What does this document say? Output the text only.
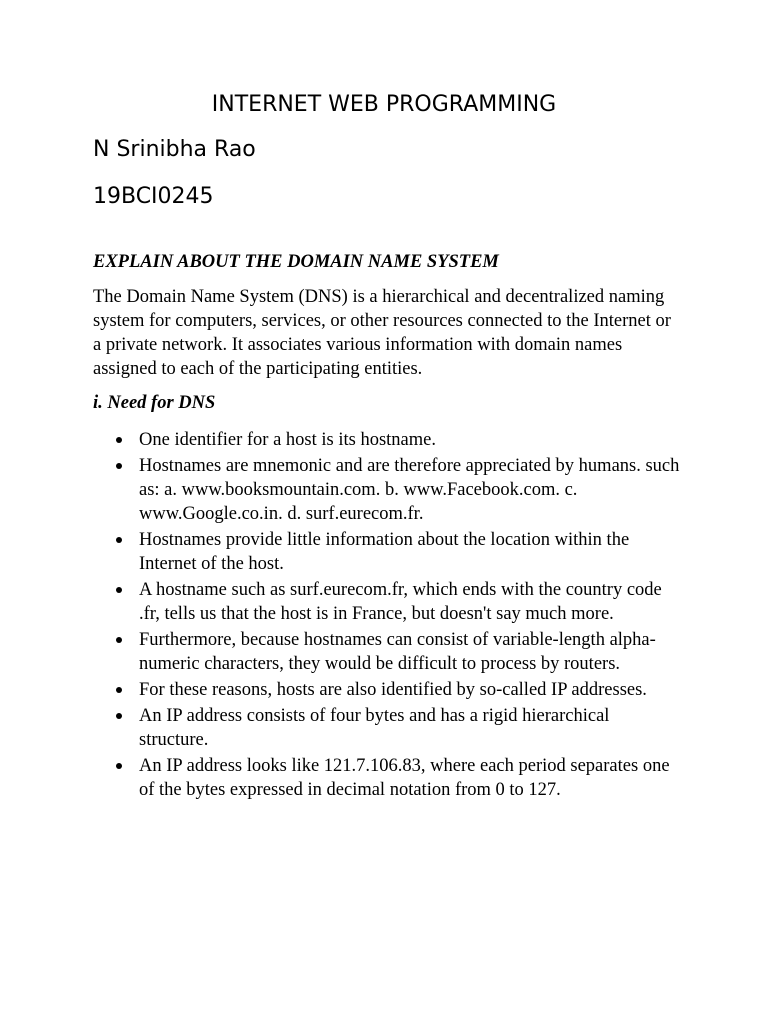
INTERNET WEB PROGRAMMING

N Srinibha Rao

19BCI0245

EXPLAIN ABOUT THE DOMAIN NAME SYSTEM

The Domain Name System (DNS) is a hierarchical and decentralized naming system for computers, services, or other resources connected to the Internet or a private network. It associates various information with domain names assigned to each of the participating entities.

i. Need for DNS

One identifier for a host is its hostname.
Hostnames are mnemonic and are therefore appreciated by humans. such as: a. www.booksmountain.com. b. www.Facebook.com. c. www.Google.co.in. d. surf.eurecom.fr.
Hostnames provide little information about the location within the Internet of the host.
A hostname such as surf.eurecom.fr, which ends with the country code .fr, tells us that the host is in France, but doesn't say much more.
Furthermore, because hostnames can consist of variable-length alpha-numeric characters, they would be difficult to process by routers.
For these reasons, hosts are also identified by so-called IP addresses.
An IP address consists of four bytes and has a rigid hierarchical structure.
An IP address looks like 121.7.106.83, where each period separates one of the bytes expressed in decimal notation from 0 to 127.
